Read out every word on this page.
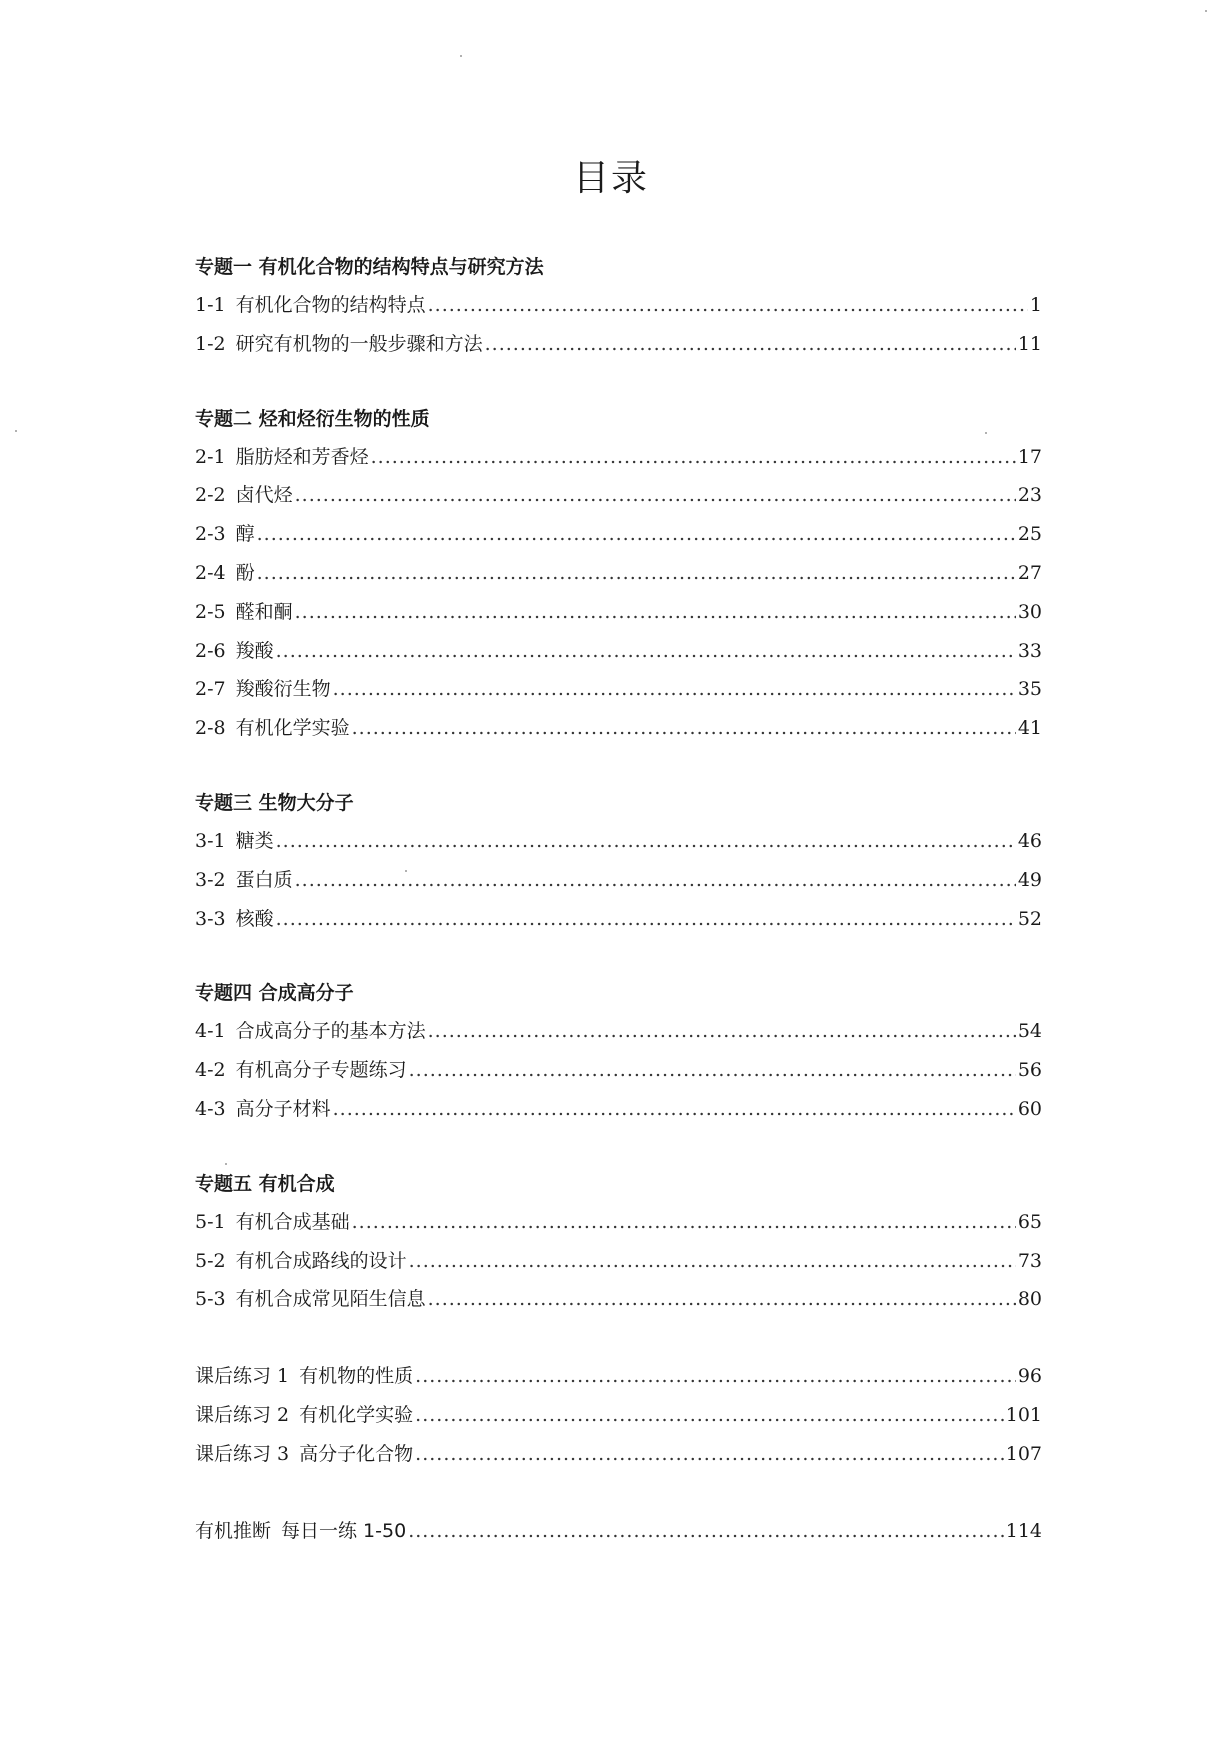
目录
专题一 有机化合物的结构特点与研究方法
1-1 有机化合物的结构特点 .....	1
1-2 研究有机物的一般步骤和方法 .....	11
专题二 烃和烃衍生物的性质
2-1 脂肪烃和芳香烃 .....	17
2-2 卤代烃 .....	23
2-3 醇 .....	25
2-4 酚 .....	27
2-5 醛和酮 .....	30
2-6 羧酸 .....	33
2-7 羧酸衍生物 .....	35
2-8 有机化学实验 .....	41
专题三 生物大分子
3-1 糖类 .....	46
3-2 蛋白质 .....	49
3-3 核酸 .....	52
专题四 合成高分子
4-1 合成高分子的基本方法 .....	54
4-2 有机高分子专题练习 .....	56
4-3 高分子材料 .....	60
专题五 有机合成
5-1 有机合成基础 .....	65
5-2 有机合成路线的设计 .....	73
5-3 有机合成常见陌生信息 .....	80
课后练习 1 有机物的性质 .....	96
课后练习 2 有机化学实验 .....	101
课后练习 3 高分子化合物 .....	107
有机推断 每日一练 1-50 .....	114
